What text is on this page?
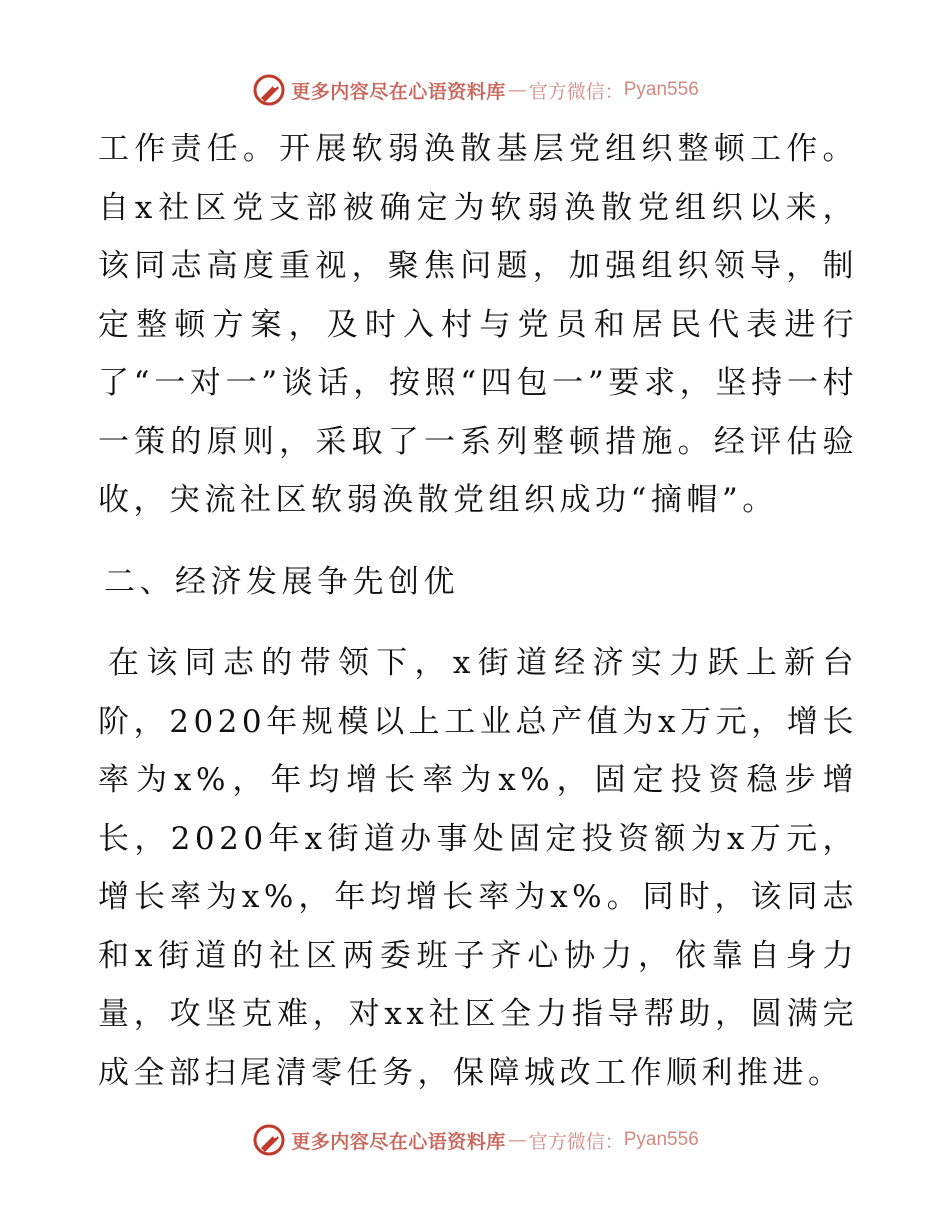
更多内容尽在心语资料库 — 官方微信： Pyan556

工作责任。开展软弱涣散基层党组织整顿工作。自x社区党支部被确定为软弱涣散党组织以来，该同志高度重视，聚焦问题，加强组织领导，制定整顿方案，及时入村与党员和居民代表进行了“一对一”谈话，按照“四包一”要求，坚持一村一策的原则，采取了一系列整顿措施。经评估验收，宊流社区软弱涣散党组织成功“摘帽”。

二、经济发展争先创优

在该同志的带领下，x街道经济实力跃上新台阶，2020年规模以上工业总产值为x万元，增长率为x%，年均增长率为x%，固定投资稳步增长，2020年x街道办事处固定投资额为x万元，增长率为x%，年均增长率为x%。同时，该同志和x街道的社区两委班子齐心协力，依靠自身力量，攻坚克难，对xx社区全力指导帮助，圆满完成全部扫尾清零任务，保障城改工作顺利推进。

更多内容尽在心语资料库 — 官方微信： Pyan556
